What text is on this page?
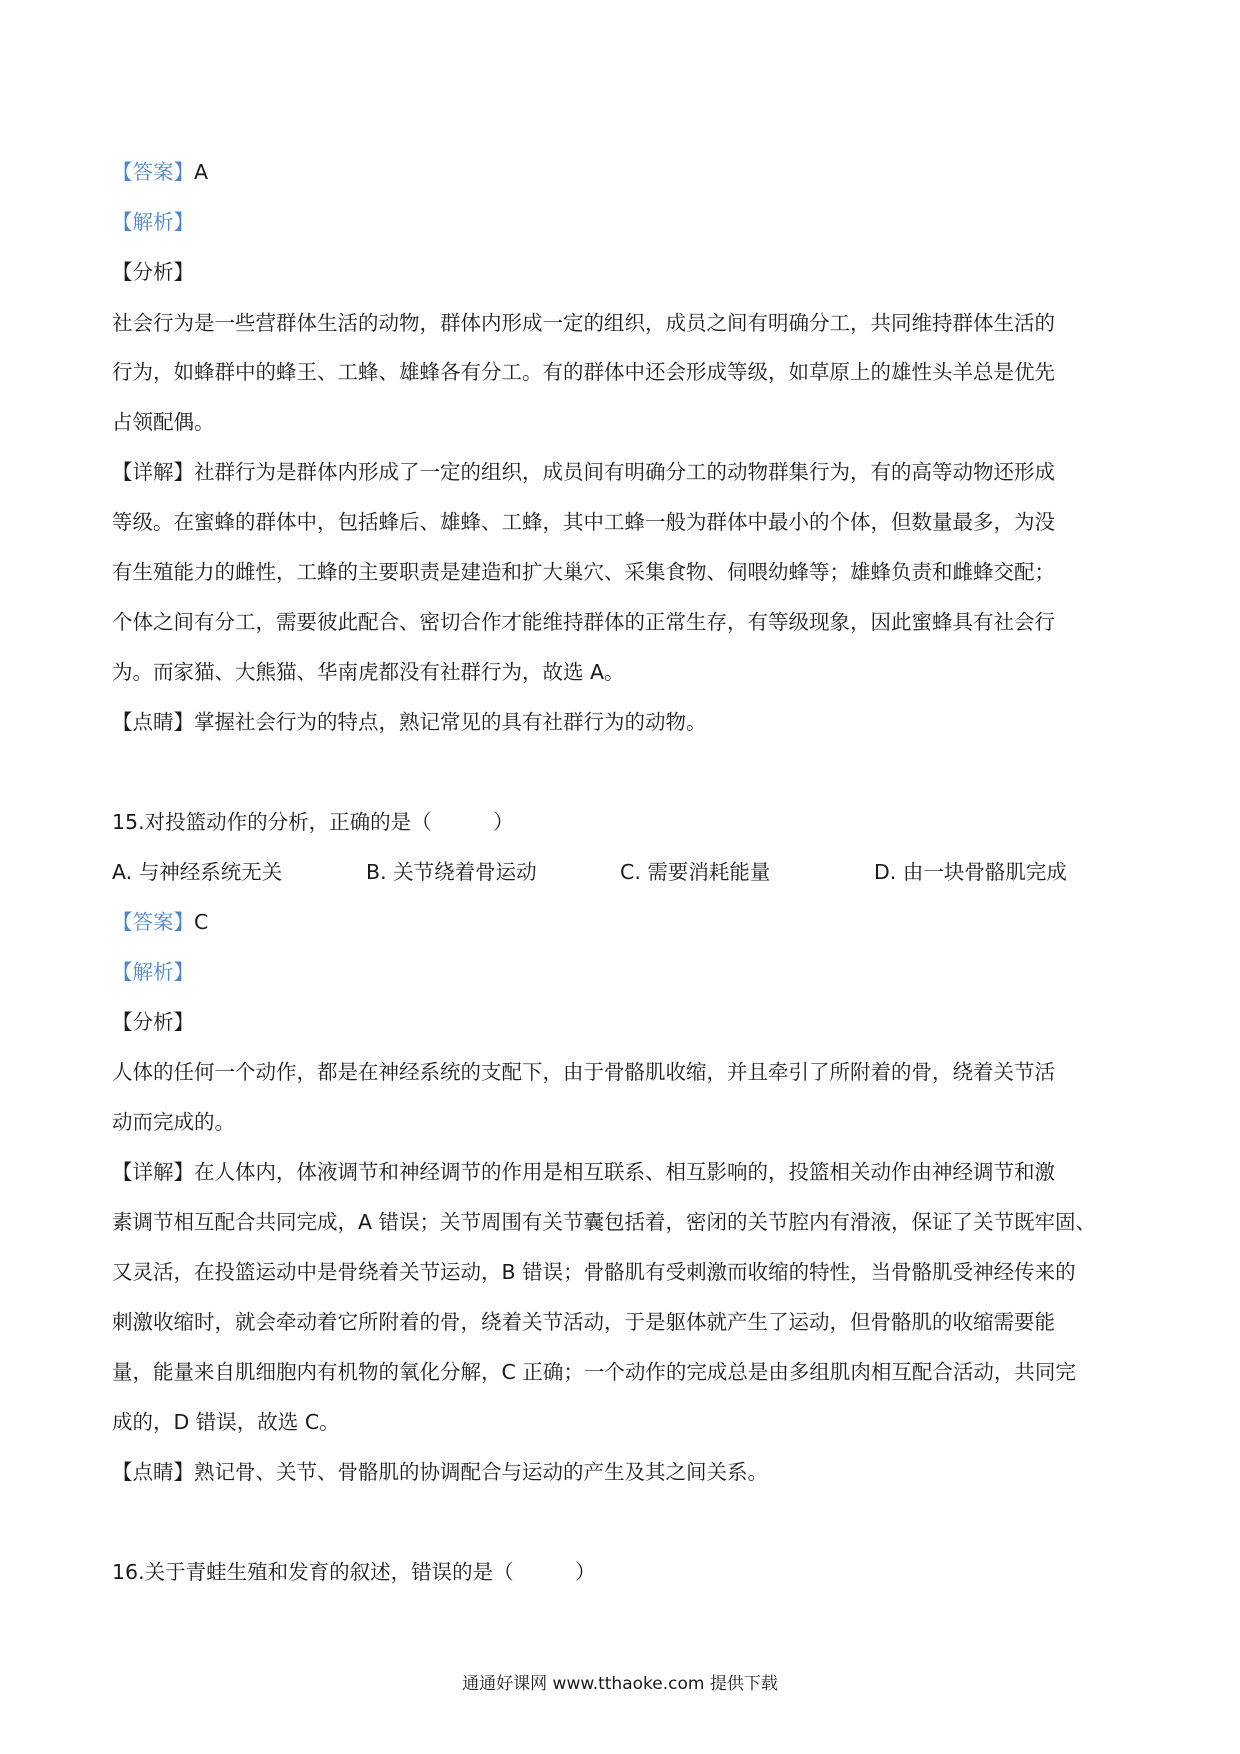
【答案】A
【解析】
【分析】
社会行为是一些营群体生活的动物，群体内形成一定的组织，成员之间有明确分工，共同维持群体生活的
行为，如蜂群中的蜂王、工蜂、雄蜂各有分工。有的群体中还会形成等级，如草原上的雄性头羊总是优先
占领配偶。
【详解】社群行为是群体内形成了一定的组织，成员间有明确分工的动物群集行为，有的高等动物还形成
等级。在蜜蜂的群体中，包括蜂后、雄蜂、工蜂，其中工蜂一般为群体中最小的个体，但数量最多，为没
有生殖能力的雌性，工蜂的主要职责是建造和扩大巢穴、采集食物、伺喂幼蜂等；雄蜂负责和雌蜂交配；
个体之间有分工，需要彼此配合、密切合作才能维持群体的正常生存，有等级现象，因此蜜蜂具有社会行
为。而家猫、大熊猫、华南虎都没有社群行为，故选 A。
【点睛】掌握社会行为的特点，熟记常见的具有社群行为的动物。
15.对投篮动作的分析，正确的是（　　　）
A. 与神经系统无关	B. 关节绕着骨运动	C. 需要消耗能量	D. 由一块骨骼肌完成
【答案】C
【解析】
【分析】
人体的任何一个动作，都是在神经系统的支配下，由于骨骼肌收缩，并且牵引了所附着的骨，绕着关节活
动而完成的。
【详解】在人体内，体液调节和神经调节的作用是相互联系、相互影响的，投篮相关动作由神经调节和激
素调节相互配合共同完成，A 错误；关节周围有关节囊包括着，密闭的关节腔内有滑液，保证了关节既牢固、
又灵活，在投篮运动中是骨绕着关节运动，B 错误；骨骼肌有受刺激而收缩的特性，当骨骼肌受神经传来的
刺激收缩时，就会牵动着它所附着的骨，绕着关节活动，于是躯体就产生了运动，但骨骼肌的收缩需要能
量，能量来自肌细胞内有机物的氧化分解，C 正确；一个动作的完成总是由多组肌肉相互配合活动，共同完
成的，D 错误，故选 C。
【点睛】熟记骨、关节、骨骼肌的协调配合与运动的产生及其之间关系。
16.关于青蛙生殖和发育的叙述，错误的是（　　　）
通通好课网 www.tthaoke.com 提供下载
